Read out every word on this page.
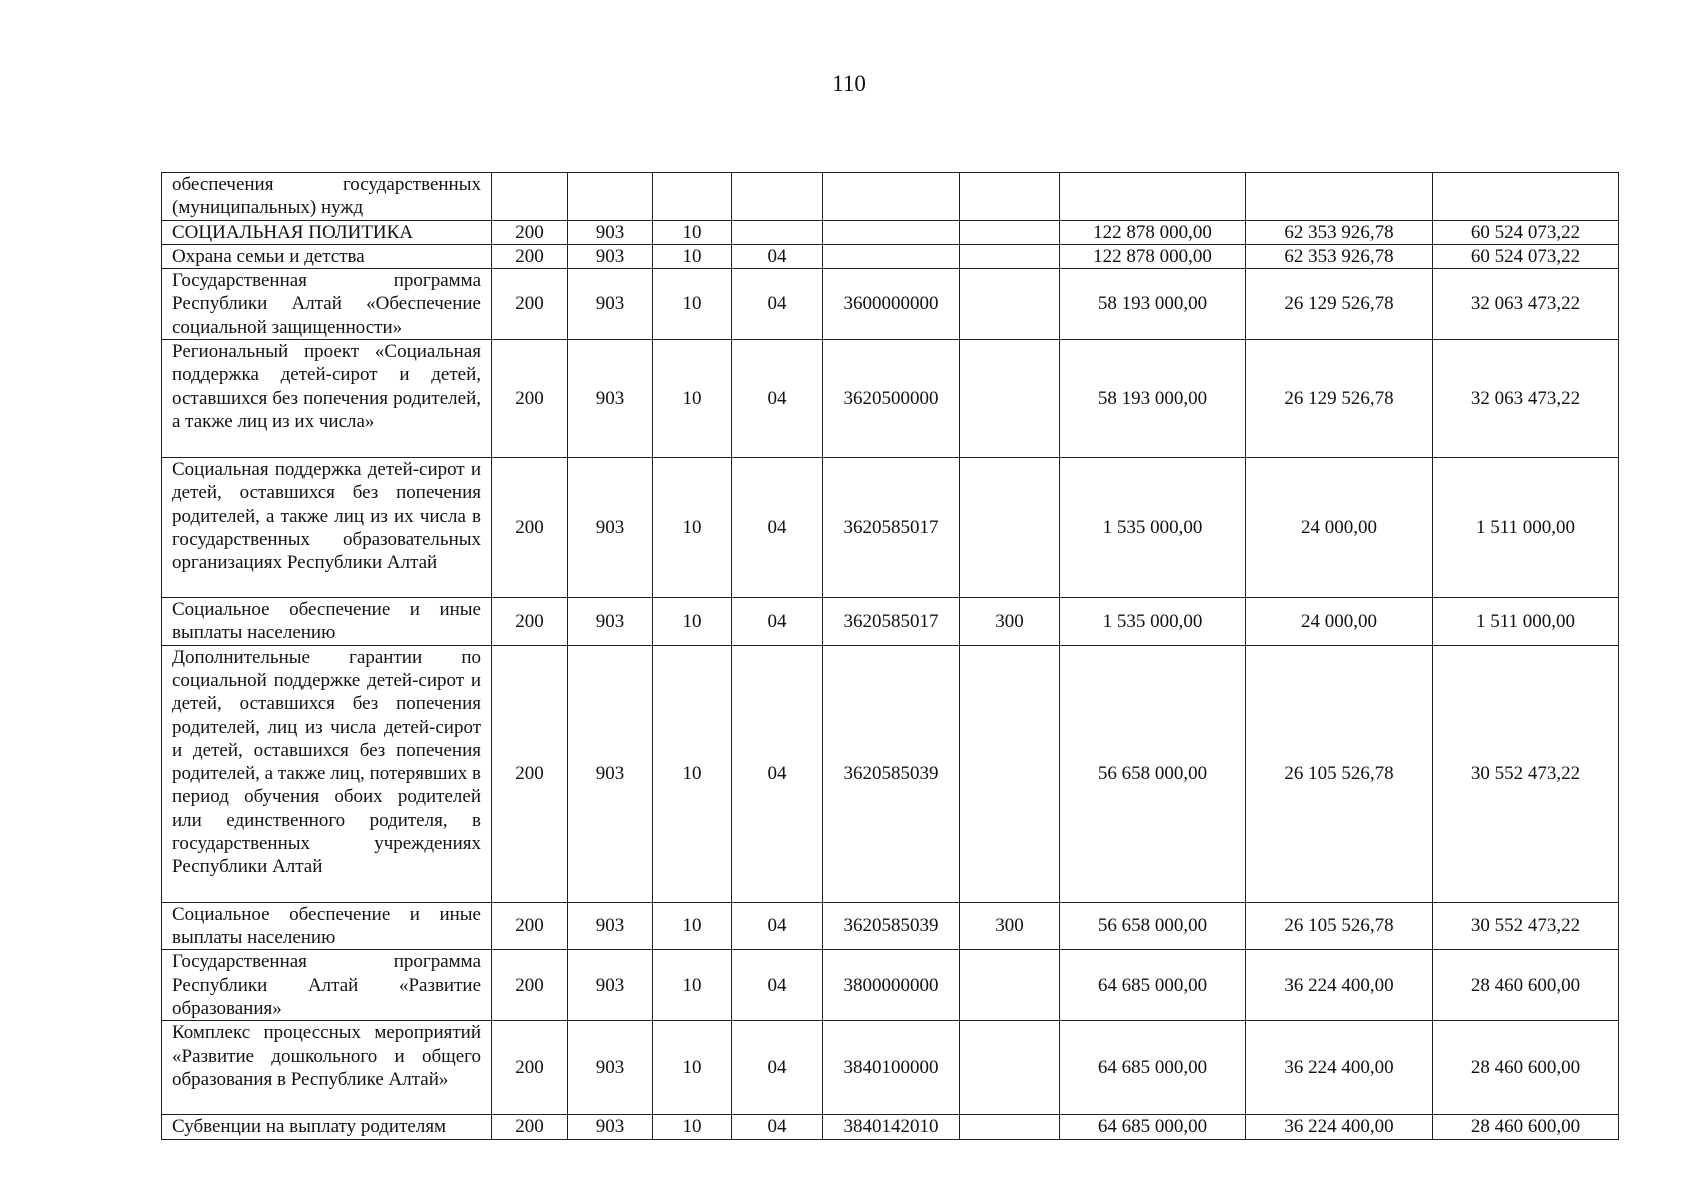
110
обеспечения государственных (муниципальных) нужд									
СОЦИАЛЬНАЯ ПОЛИТИКА	200	903	10				122 878 000,00	62 353 926,78	60 524 073,22
Охрана семьи и детства	200	903	10	04			122 878 000,00	62 353 926,78	60 524 073,22
Государственная программа Республики Алтай «Обеспечение социальной защищенности»	200	903	10	04	3600000000		58 193 000,00	26 129 526,78	32 063 473,22
Региональный проект «Социальная поддержка детей-сирот и детей, оставшихся без попечения родителей, а также лиц из их числа»	200	903	10	04	3620500000		58 193 000,00	26 129 526,78	32 063 473,22
Социальная поддержка детей-сирот и детей, оставшихся без попечения родителей, а также лиц из их числа в государственных образовательных организациях Республики Алтай	200	903	10	04	3620585017		1 535 000,00	24 000,00	1 511 000,00
Социальное обеспечение и иные выплаты населению	200	903	10	04	3620585017	300	1 535 000,00	24 000,00	1 511 000,00
Дополнительные гарантии по социальной поддержке детей-сирот и детей, оставшихся без попечения родителей, лиц из числа детей-сирот и детей, оставшихся без попечения родителей, а также лиц, потерявших в период обучения обоих родителей или единственного родителя, в государственных учреждениях Республики Алтай	200	903	10	04	3620585039		56 658 000,00	26 105 526,78	30 552 473,22
Социальное обеспечение и иные выплаты населению	200	903	10	04	3620585039	300	56 658 000,00	26 105 526,78	30 552 473,22
Государственная программа Республики Алтай «Развитие образования»	200	903	10	04	3800000000		64 685 000,00	36 224 400,00	28 460 600,00
Комплекс процессных мероприятий «Развитие дошкольного и общего образования в Республике Алтай»	200	903	10	04	3840100000		64 685 000,00	36 224 400,00	28 460 600,00
Субвенции на выплату родителям	200	903	10	04	3840142010		64 685 000,00	36 224 400,00	28 460 600,00
